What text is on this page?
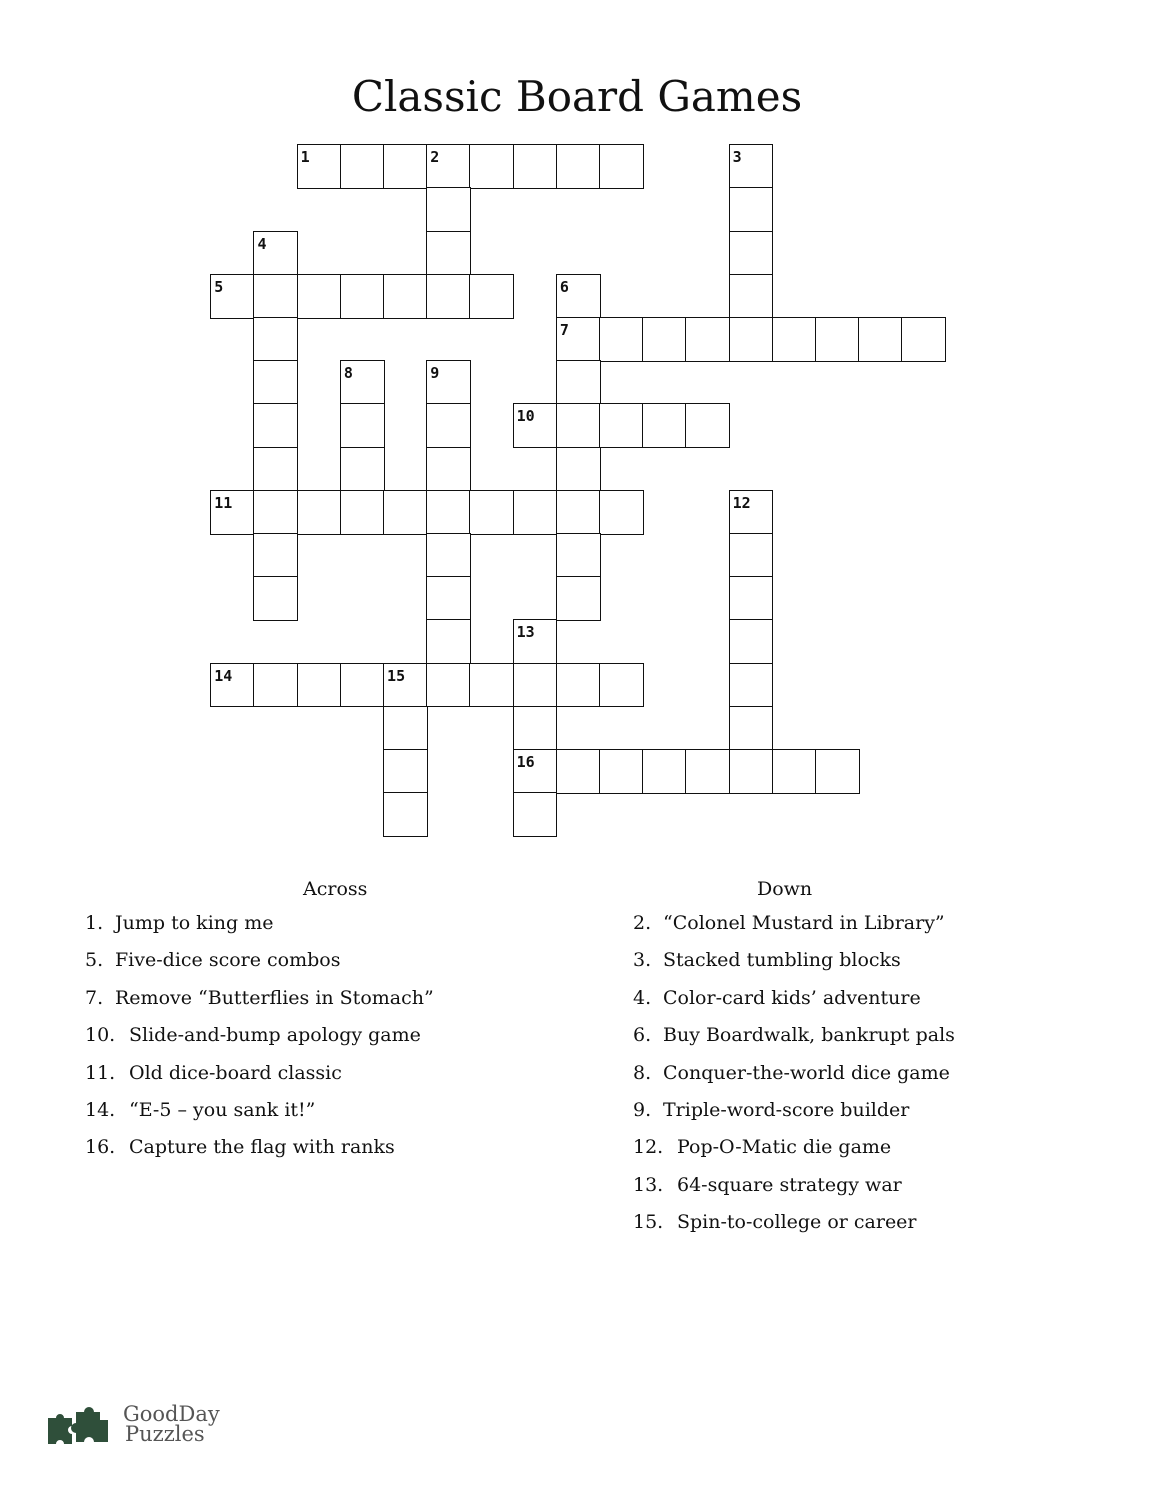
Classic Board Games
1	2	3
4
5	6
7
8	9
10
11	12
13
14	15
16
Across
1. Jump to king me
5. Five-dice score combos
7. Remove “Butterflies in Stomach”
10. Slide-and-bump apology game
11. Old dice-board classic
14. “E-5 – you sank it!”
16. Capture the flag with ranks
Down
2. “Colonel Mustard in Library”
3. Stacked tumbling blocks
4. Color-card kids’ adventure
6. Buy Boardwalk, bankrupt pals
8. Conquer-the-world dice game
9. Triple-word-score builder
12. Pop-O-Matic die game
13. 64-square strategy war
15. Spin-to-college or career
GoodDay
Puzzles
